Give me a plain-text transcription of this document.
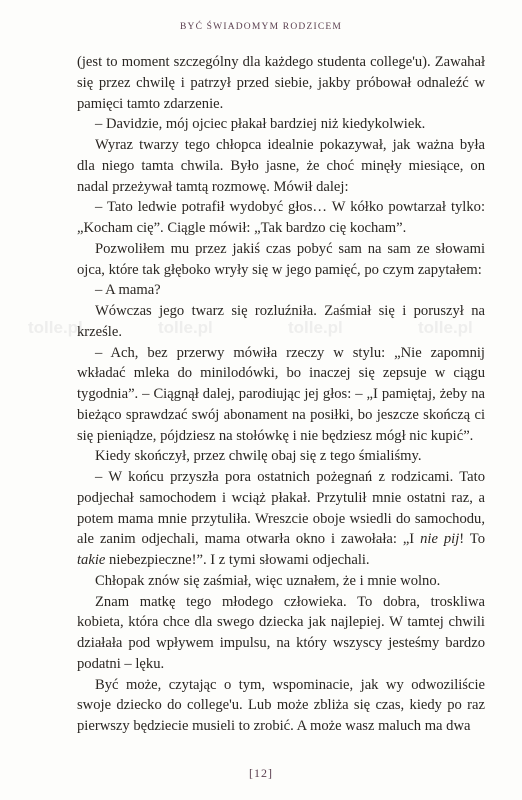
BYĆ ŚWIADOMYM RODZICEM
tolle.pl	tolle.pl	tolle.pl	tolle.pl

(jest to moment szczególny dla każdego studenta college'u). Zawahał się przez chwilę i patrzył przed siebie, jakby próbował odnaleźć w pamięci tamto zdarzenie.

– Davidzie, mój ojciec płakał bardziej niż kiedykolwiek.

Wyraz twarzy tego chłopca idealnie pokazywał, jak ważna była dla niego tamta chwila. Było jasne, że choć minęły miesiące, on nadal przeżywał tamtą rozmowę. Mówił dalej:

– Tato ledwie potrafił wydobyć głos… W kółko powtarzał tylko: „Kocham cię”. Ciągle mówił: „Tak bardzo cię kocham”.

Pozwoliłem mu przez jakiś czas pobyć sam na sam ze słowami ojca, które tak głęboko wryły się w jego pamięć, po czym zapytałem:

– A mama?

Wówczas jego twarz się rozluźniła. Zaśmiał się i poruszył na krześle.

– Ach, bez przerwy mówiła rzeczy w stylu: „Nie zapomnij wkładać mleka do minilodówki, bo inaczej się zepsuje w ciągu tygodnia”. – Ciągnął dalej, parodiując jej głos: – „I pamiętaj, żeby na bieżąco sprawdzać swój abonament na posiłki, bo jeszcze skończą ci się pieniądze, pójdziesz na stołówkę i nie będziesz mógł nic kupić”.

Kiedy skończył, przez chwilę obaj się z tego śmialiśmy.

– W końcu przyszła pora ostatnich pożegnań z rodzicami. Tato podjechał samochodem i wciąż płakał. Przytulił mnie ostatni raz, a potem mama mnie przytuliła. Wreszcie oboje wsiedli do samochodu, ale zanim odjechali, mama otwarła okno i zawołała: „I nie pij! To takie niebezpieczne!”. I z tymi słowami odjechali.

Chłopak znów się zaśmiał, więc uznałem, że i mnie wolno.

Znam matkę tego młodego człowieka. To dobra, troskliwa kobieta, która chce dla swego dziecka jak najlepiej. W tamtej chwili działała pod wpływem impulsu, na który wszyscy jesteśmy bardzo podatni – lęku.

Być może, czytając o tym, wspominacie, jak wy odwoziliście swoje dziecko do college'u. Lub może zbliża się czas, kiedy po raz pierwszy będziecie musieli to zrobić. A może wasz maluch ma dwa

[12]
